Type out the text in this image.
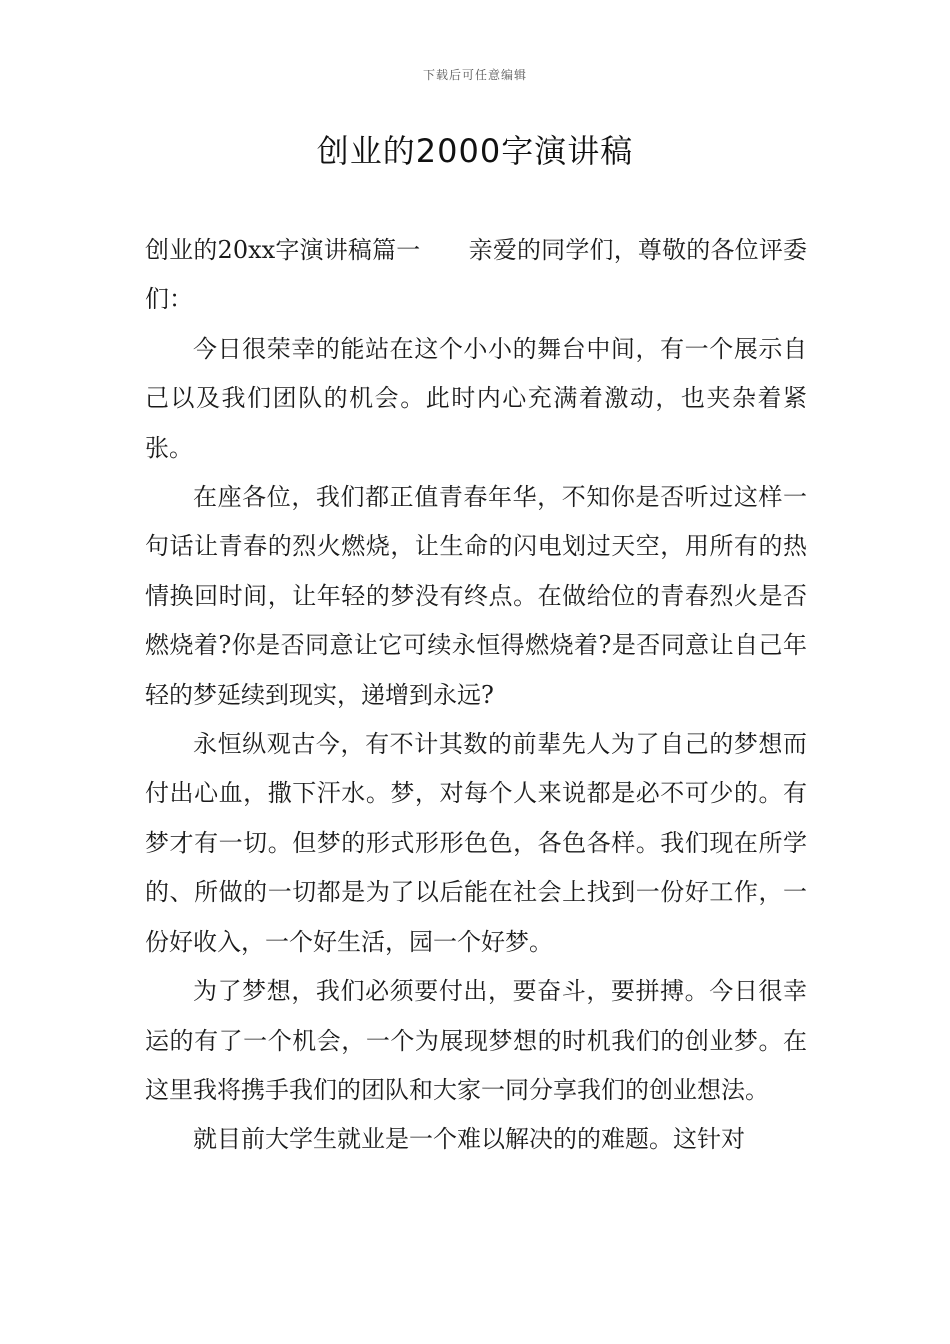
下载后可任意编辑
创业的2000字演讲稿

创业的20xx字演讲稿篇一 亲爱的同学们，尊敬的各位评委们：

今日很荣幸的能站在这个小小的舞台中间，有一个展示自己以及我们团队的机会。此时内心充满着激动，也夹杂着紧张。

在座各位，我们都正值青春年华，不知你是否听过这样一句话让青春的烈火燃烧，让生命的闪电划过天空，用所有的热情换回时间，让年轻的梦没有终点。在做给位的青春烈火是否燃烧着?你是否同意让它可续永恒得燃烧着?是否同意让自己年轻的梦延续到现实，递增到永远?

永恒纵观古今，有不计其数的前辈先人为了自己的梦想而付出心血，撒下汗水。梦，对每个人来说都是必不可少的。有梦才有一切。但梦的形式形形色色，各色各样。我们现在所学的、所做的一切都是为了以后能在社会上找到一份好工作，一份好收入，一个好生活，园一个好梦。

为了梦想，我们必须要付出，要奋斗，要拼搏。今日很幸运的有了一个机会，一个为展现梦想的时机我们的创业梦。在这里我将携手我们的团队和大家一同分享我们的创业想法。

就目前大学生就业是一个难以解决的的难题。这针对
